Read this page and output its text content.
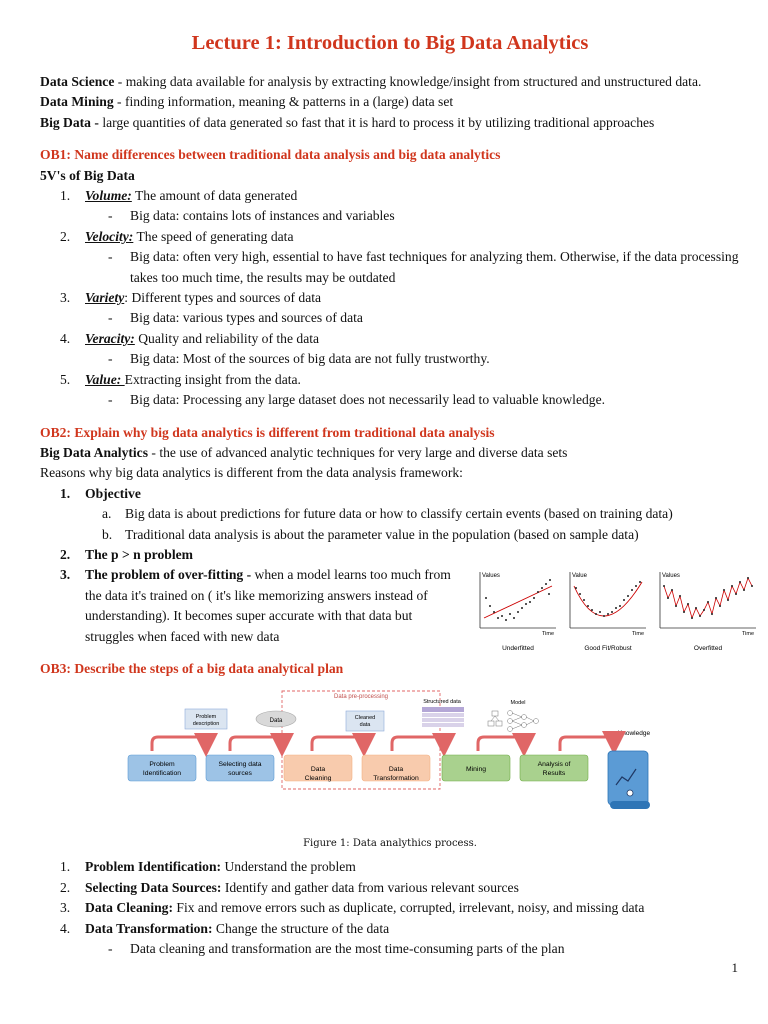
Lecture 1: Introduction to Big Data Analytics

Data Science - making data available for analysis by extracting knowledge/insight from structured and unstructured data.

Data Mining - finding information, meaning & patterns in a (large) data set

Big Data - large quantities of data generated so fast that it is hard to process it by utilizing traditional approaches

OB1: Name differences between traditional data analysis and big data analytics

5V's of Big Data

1. Volume: The amount of data generated
- Big data: contains lots of instances and variables
2. Velocity: The speed of generating data
- Big data: often very high, essential to have fast techniques for analyzing them. Otherwise, if the data processing takes too much time, the results may be outdated
3. Variety: Different types and sources of data
- Big data: various types and sources of data
4. Veracity: Quality and reliability of the data
- Big data: Most of the sources of big data are not fully trustworthy.
5. Value: Extracting insight from the data.
- Big data: Processing any large dataset does not necessarily lead to valuable knowledge.

OB2: Explain why big data analytics is different from traditional data analysis

Big Data Analytics - the use of advanced analytic techniques for very large and diverse data sets

Reasons why big data analytics is different from the data analysis framework:

1. Objective
a. Big data is about predictions for future data or how to classify certain events (based on training data)
b. Traditional data analysis is about the parameter value in the population (based on sample data)
2. The p > n problem
3. The problem of over-fitting - when a model learns too much from the data it's trained on ( it's like memorizing answers instead of understanding). It becomes super accurate with that data but struggles when faced with new data
Values
Time
Underfitted
Value
Time
Good Fit/Robust
Values
Time
Overfitted

OB3: Describe the steps of a big data analytical plan

Data pre-processing
Problem description	Data	Cleaned data
Structured data	Model
Knowledge
Problem Identification
Selecting data sources
Data Cleaning
Data Transformation
Mining
Analysis of Results

Figure 1: Data analythics process.

1. Problem Identification: Understand the problem
2. Selecting Data Sources: Identify and gather data from various relevant sources
3. Data Cleaning: Fix and remove errors such as duplicate, corrupted, irrelevant, noisy, and missing data
4. Data Transformation: Change the structure of the data
- Data cleaning and transformation are the most time-consuming parts of the plan
1
